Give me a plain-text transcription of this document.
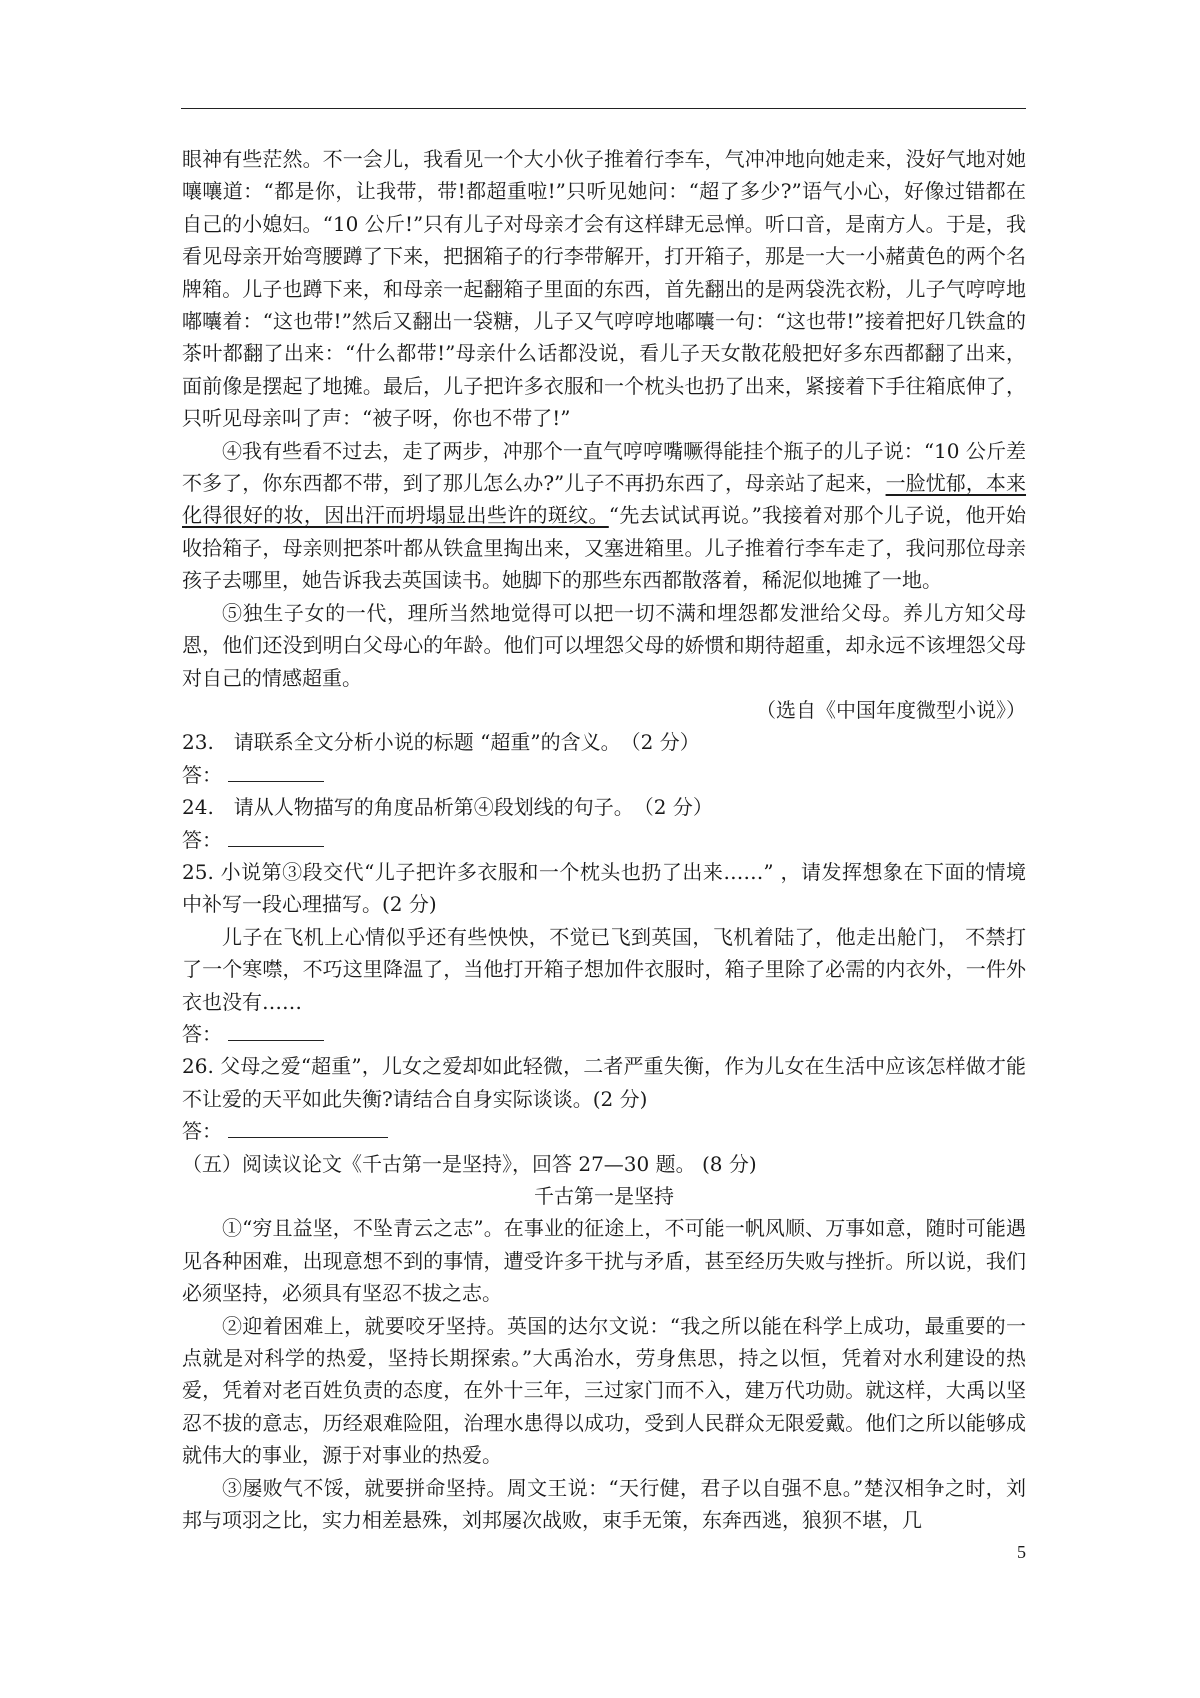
眼神有些茫然。不一会儿，我看见一个大小伙子推着行李车，气冲冲地向她走来，没好气地对她嚷嚷道：“都是你，让我带，带!都超重啦!”只听见她问：“超了多少?”语气小心，好像过错都在自己的小媳妇。“10 公斤!”只有儿子对母亲才会有这样肆无忌惮。听口音，是南方人。于是，我看见母亲开始弯腰蹲了下来，把捆箱子的行李带解开，打开箱子，那是一大一小赭黄色的两个名牌箱。儿子也蹲下来，和母亲一起翻箱子里面的东西，首先翻出的是两袋洗衣粉，儿子气哼哼地嘟囔着：“这也带!”然后又翻出一袋糖，儿子又气哼哼地嘟囔一句：“这也带!”接着把好几铁盒的茶叶都翻了出来：“什么都带!”母亲什么话都没说，看儿子天女散花般把好多东西都翻了出来，面前像是摆起了地摊。最后，儿子把许多衣服和一个枕头也扔了出来，紧接着下手往箱底伸了，只听见母亲叫了声：“被子呀，你也不带了!”

④我有些看不过去，走了两步，冲那个一直气哼哼嘴噘得能挂个瓶子的儿子说：“10 公斤差不多了，你东西都不带，到了那儿怎么办?”儿子不再扔东西了，母亲站了起来，一脸忧郁，本来化得很好的妆，因出汗而坍塌显出些许的斑纹。“先去试试再说。”我接着对那个儿子说，他开始收拾箱子，母亲则把茶叶都从铁盒里掏出来，又塞进箱里。儿子推着行李车走了，我问那位母亲孩子去哪里，她告诉我去英国读书。她脚下的那些东西都散落着，稀泥似地摊了一地。

⑤独生子女的一代，理所当然地觉得可以把一切不满和埋怨都发泄给父母。养儿方知父母恩，他们还没到明白父母心的年龄。他们可以埋怨父母的娇惯和期待超重，却永远不该埋怨父母对自己的情感超重。

（选自《中国年度微型小说》）

23.　请联系全文分析小说的标题 “超重”的含义。　（2 分）

答：

24.　请从人物描写的角度品析第④段划线的句子。　（2 分）

答：

25. 小说第③段交代“儿子把许多衣服和一个枕头也扔了出来……” ，请发挥想象在下面的情境中补写一段心理描写。(2 分)

儿子在飞机上心情似乎还有些怏怏，不觉已飞到英国，飞机着陆了，他走出舱门， 不禁打了一个寒噤，不巧这里降温了，当他打开箱子想加件衣服时，箱子里除了必需的内衣外，一件外衣也没有……

答：

26. 父母之爱“超重”，儿女之爱却如此轻微，二者严重失衡，作为儿女在生活中应该怎样做才能不让爱的天平如此失衡?请结合自身实际谈谈。(2 分)

答：

（五）阅读议论文《千古第一是坚持》，回答 27—30 题。 (8 分)

千古第一是坚持

①“穷且益坚，不坠青云之志”。在事业的征途上，不可能一帆风顺、万事如意，随时可能遇见各种困难，出现意想不到的事情，遭受许多干扰与矛盾，甚至经历失败与挫折。所以说，我们必须坚持，必须具有坚忍不拔之志。

②迎着困难上，就要咬牙坚持。英国的达尔文说：“我之所以能在科学上成功，最重要的一点就是对科学的热爱，坚持长期探索。”大禹治水，劳身焦思，持之以恒，凭着对水利建设的热爱，凭着对老百姓负责的态度，在外十三年，三过家门而不入，建万代功勋。就这样，大禹以坚忍不拔的意志，历经艰难险阻，治理水患得以成功，受到人民群众无限爱戴。他们之所以能够成就伟大的事业，源于对事业的热爱。

③屡败气不馁，就要拼命坚持。周文王说：“天行健，君子以自强不息。”楚汉相争之时，刘邦与项羽之比，实力相差悬殊，刘邦屡次战败，束手无策，东奔西逃，狼狈不堪，几

5
